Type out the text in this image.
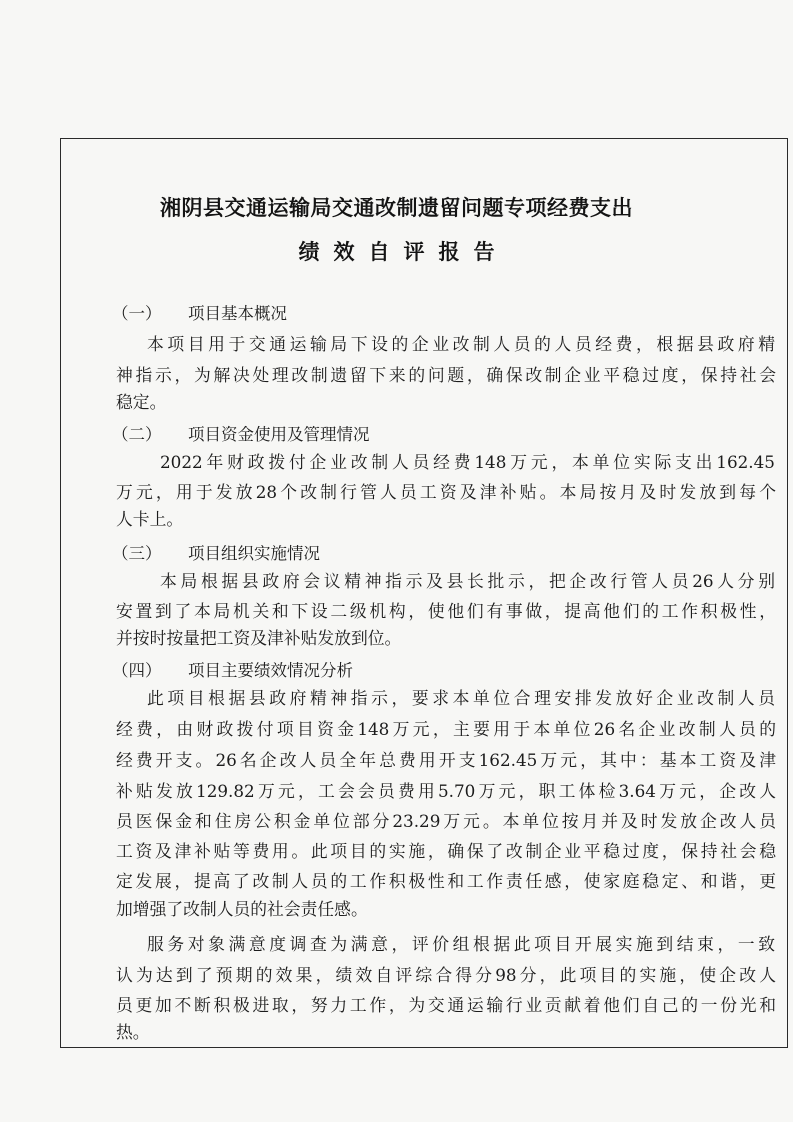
湘阴县交通运输局交通改制遗留问题专项经费支出
绩效自评报告
（一） 项目基本概况
本项目用于交通运输局下设的企业改制人员的人员经费，根据县政府精
神指示，为解决处理改制遗留下来的问题，确保改制企业平稳过度，保持社会
稳定。
（二） 项目资金使用及管理情况
2022年财政拨付企业改制人员经费148万元，本单位实际支出162.45
万元，用于发放28个改制行管人员工资及津补贴。本局按月及时发放到每个
人卡上。
（三） 项目组织实施情况
本局根据县政府会议精神指示及县长批示，把企改行管人员26人分别
安置到了本局机关和下设二级机构，使他们有事做，提高他们的工作积极性，
并按时按量把工资及津补贴发放到位。
（四） 项目主要绩效情况分析
此项目根据县政府精神指示，要求本单位合理安排发放好企业改制人员
经费，由财政拨付项目资金148万元，主要用于本单位26名企业改制人员的
经费开支。26名企改人员全年总费用开支162.45万元，其中：基本工资及津
补贴发放129.82万元，工会会员费用5.70万元，职工体检3.64万元，企改人
员医保金和住房公积金单位部分23.29万元。本单位按月并及时发放企改人员
工资及津补贴等费用。此项目的实施，确保了改制企业平稳过度，保持社会稳
定发展，提高了改制人员的工作积极性和工作责任感，使家庭稳定、和谐，更
加增强了改制人员的社会责任感。
服务对象满意度调查为满意，评价组根据此项目开展实施到结束，一致
认为达到了预期的效果，绩效自评综合得分98分，此项目的实施，使企改人
员更加不断积极进取，努力工作，为交通运输行业贡献着他们自己的一份光和
热。
